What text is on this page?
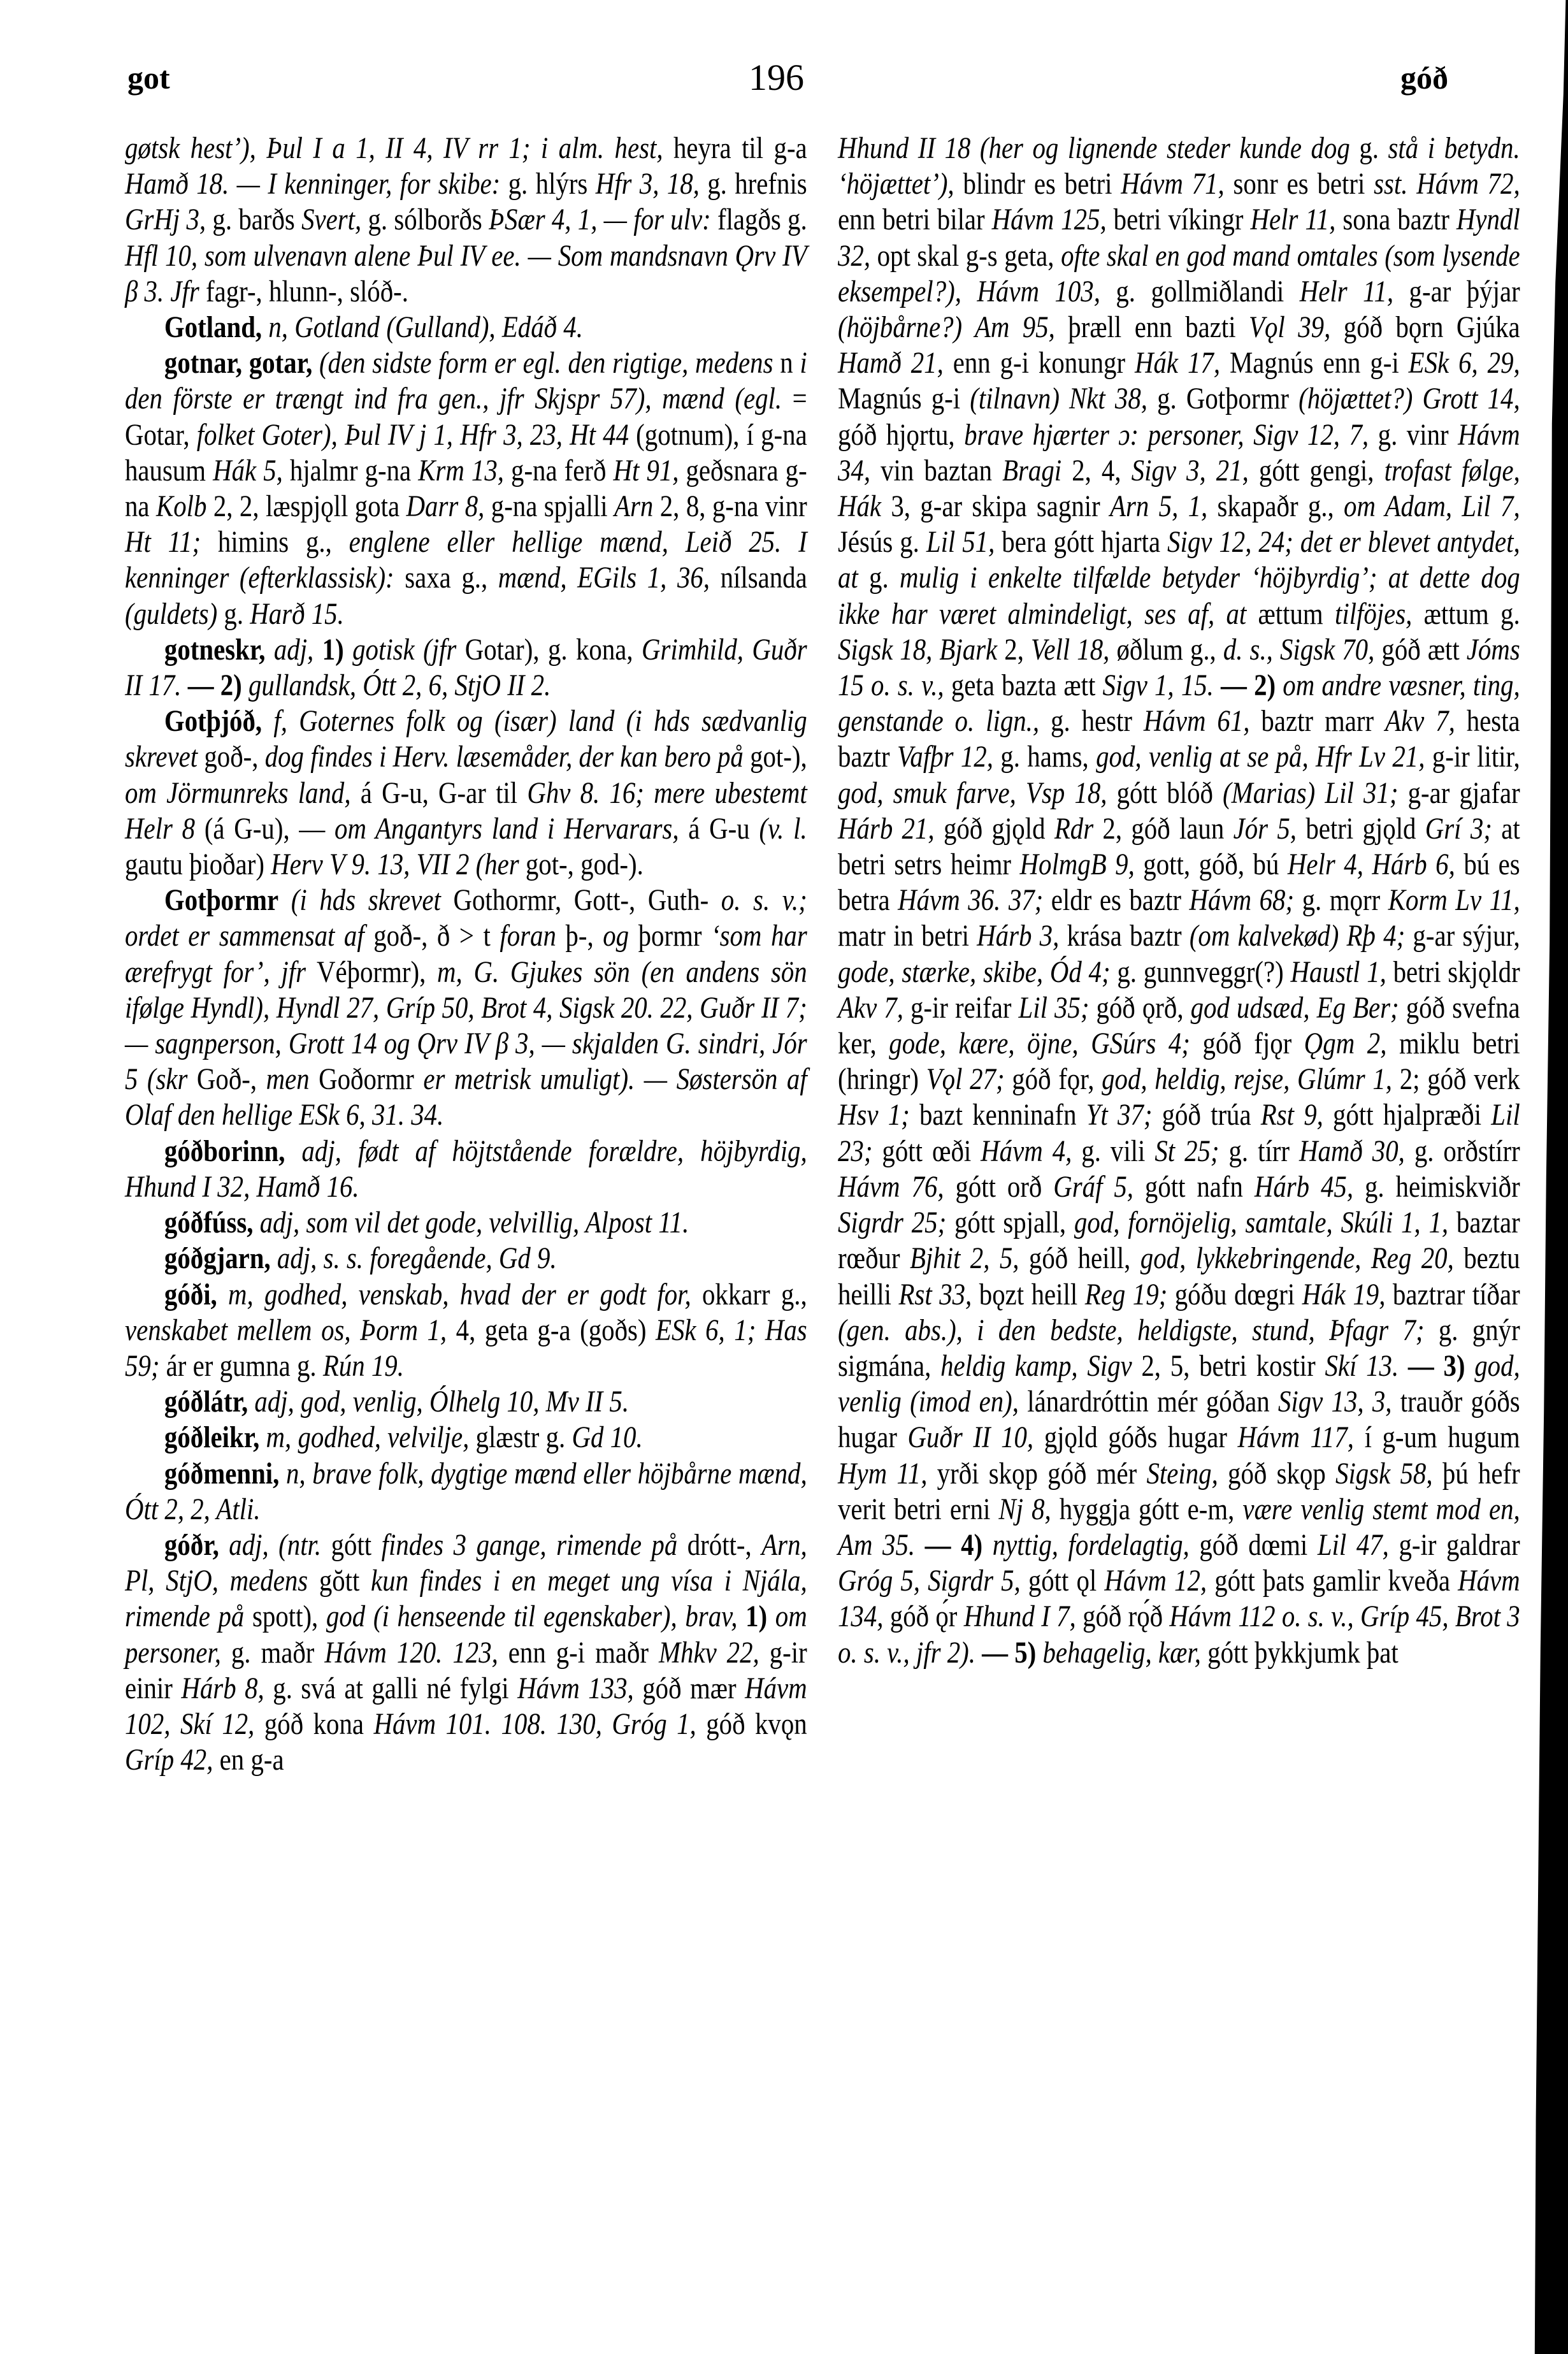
got	196	góð

gøtsk hest’), Þul I a 1, II 4, IV rr 1; i alm. hest, heyra til g-a Hamð 18. — I kenninger, for skibe: g. hlýrs Hfr 3, 18, g. hrefnis GrHj 3, g. barðs Svert, g. sólborðs ÞSær 4, 1, — for ulv: flagðs g. Hfl 10, som ulvenavn alene Þul IV ee. — Som mandsnavn Ǫrv IV β 3. Jfr fagr-, hlunn-, slóð-.

Gotland, n, Gotland (Gulland), Edáð 4.

gotnar, gotar, (den sidste form er egl. den rigtige, medens n i den förste er trængt ind fra gen., jfr Skjspr 57), mænd (egl. = Gotar, folket Goter), Þul IV j 1, Hfr 3, 23, Ht 44 (gotnum), í g-na hausum Hák 5, hjalmr g-na Krm 13, g-na ferð Ht 91, geðsnara g-na Kolb 2, 2, læspjǫll gota Darr 8, g-na spjalli Arn 2, 8, g-na vinr Ht 11; himins g., englene eller hellige mænd, Leið 25. I kenninger (efterklassisk): saxa g., mænd, EGils 1, 36, nílsanda (guldets) g. Harð 15.

gotneskr, adj, 1) gotisk (jfr Gotar), g. kona, Grimhild, Guðr II 17. — 2) gullandsk, Ótt 2, 6, StjO II 2.

Gotþjóð, f, Goternes folk og (især) land (i hds sædvanlig skrevet goð-, dog findes i Herv. læsemåder, der kan bero på got-), om Jörmunreks land, á G-u, G-ar til Ghv 8. 16; mere ubestemt Helr 8 (á G-u), — om Angantyrs land i Hervarars, á G-u (v. l. gautu þioðar) Herv V 9. 13, VII 2 (her got-, god-).

Gotþormr (i hds skrevet Gothormr, Gott-, Guth- o. s. v.; ordet er sammensat af goð-, ð > t foran þ-, og þormr ‘som har ærefrygt for’, jfr Véþormr), m, G. Gjukes sön (en andens sön ifølge Hyndl), Hyndl 27, Gríp 50, Brot 4, Sigsk 20. 22, Guðr II 7; — sagnperson, Grott 14 og Ǫrv IV β 3, — skjalden G. sindri, Jór 5 (skr Goð-, men Goðormr er metrisk umuligt). — Søstersön af Olaf den hellige ESk 6, 31. 34.

góðborinn, adj, født af höjtstående forældre, höjbyrdig, Hhund I 32, Hamð 16.

góðfúss, adj, som vil det gode, velvillig, Alpost 11.

góðgjarn, adj, s. s. foregående, Gd 9.

góði, m, godhed, venskab, hvad der er godt for, okkarr g., venskabet mellem os, Þorm 1, 4, geta g-a (goðs) ESk 6, 1; Has 59; ár er gumna g. Rún 19.

góðlátr, adj, god, venlig, Ólhelg 10, Mv II 5.

góðleikr, m, godhed, velvilje, glæstr g. Gd 10.

góðmenni, n, brave folk, dygtige mænd eller höjbårne mænd, Ótt 2, 2, Atli.

góðr, adj, (ntr. gótt findes 3 gange, rimende på drótt-, Arn, Pl, StjO, medens gŏtt kun findes i en meget ung vísa i Njála, rimende på spott), god (i henseende til egenskaber), brav, 1) om personer, g. maðr Hávm 120. 123, enn g-i maðr Mhkv 22, g-ir einir Hárb 8, g. svá at galli né fylgi Hávm 133, góð mær Hávm 102, Skí 12, góð kona Hávm 101. 108. 130, Gróg 1, góð kvǫn Gríp 42, en g-a

Hhund II 18 (her og lignende steder kunde dog g. stå i betydn. ‘höjættet’), blindr es betri Hávm 71, sonr es betri sst. Hávm 72, enn betri bilar Hávm 125, betri víkingr Helr 11, sona baztr Hyndl 32, opt skal g-s geta, ofte skal en god mand omtales (som lysende eksempel?), Hávm 103, g. gollmiðlandi Helr 11, g-ar þýjar (höjbårne?) Am 95, þræll enn bazti Vǫl 39, góð bǫrn Gjúka Hamð 21, enn g-i konungr Hák 17, Magnús enn g-i ESk 6, 29, Magnús g-i (tilnavn) Nkt 38, g. Gotþormr (höjættet?) Grott 14, góð hjǫrtu, brave hjærter ɔ: personer, Sigv 12, 7, g. vinr Hávm 34, vin baztan Bragi 2, 4, Sigv 3, 21, gótt gengi, trofast følge, Hák 3, g-ar skipa sagnir Arn 5, 1, skapaðr g., om Adam, Lil 7, Jésús g. Lil 51, bera gótt hjarta Sigv 12, 24; det er blevet antydet, at g. mulig i enkelte tilfælde betyder ‘höjbyrdig’; at dette dog ikke har været almindeligt, ses af, at ættum tilföjes, ættum g. Sigsk 18, Bjark 2, Vell 18, øðlum g., d. s., Sigsk 70, góð ætt Jóms 15 o. s. v., geta bazta ætt Sigv 1, 15. — 2) om andre væsner, ting, genstande o. lign., g. hestr Hávm 61, baztr marr Akv 7, hesta baztr Vafþr 12, g. hams, god, venlig at se på, Hfr Lv 21, g-ir litir, god, smuk farve, Vsp 18, gótt blóð (Marias) Lil 31; g-ar gjafar Hárb 21, góð gjǫld Rdr 2, góð laun Jór 5, betri gjǫld Grí 3; at betri setrs heimr HolmgB 9, gott, góð, bú Helr 4, Hárb 6, bú es betra Hávm 36. 37; eldr es baztr Hávm 68; g. mǫrr Korm Lv 11, matr in betri Hárb 3, krása baztr (om kalvekød) Rþ 4; g-ar sýjur, gode, stærke, skibe, Ód 4; g. gunnveggr(?) Haustl 1, betri skjǫldr Akv 7, g-ir reifar Lil 35; góð ǫrð, god udsæd, Eg Ber; góð svefna ker, gode, kære, öjne, GSúrs 4; góð fjǫr Ǫgm 2, miklu betri (hringr) Vǫl 27; góð fǫr, god, heldig, rejse, Glúmr 1, 2; góð verk Hsv 1; bazt kenninafn Yt 37; góð trúa Rst 9, gótt hjalpræði Lil 23; gótt œði Hávm 4, g. vili St 25; g. tírr Hamð 30, g. orðstírr Hávm 76, gótt orð Gráf 5, gótt nafn Hárb 45, g. heimiskviðr Sigrdr 25; gótt spjall, god, fornöjelig, samtale, Skúli 1, 1, baztar rœður Bjhit 2, 5, góð heill, god, lykkebringende, Reg 20, beztu heilli Rst 33, bǫzt heill Reg 19; góðu dœgri Hák 19, baztrar tíðar (gen. abs.), i den bedste, heldigste, stund, Þfagr 7; g. gnýr sigmána, heldig kamp, Sigv 2, 5, betri kostir Skí 13. — 3) god, venlig (imod en), lánardróttin mér góðan Sigv 13, 3, trauðr góðs hugar Guðr II 10, gjǫld góðs hugar Hávm 117, í g-um hugum Hym 11, yrði skǫp góð mér Steing, góð skǫp Sigsk 58, þú hefr verit betri erni Nj 8, hyggja gótt e-m, være venlig stemt mod en, Am 35. — 4) nyttig, fordelagtig, góð dœmi Lil 47, g-ir galdrar Gróg 5, Sigrdr 5, gótt ǫl Hávm 12, gótt þats gamlir kveða Hávm 134, góð ǫ́r Hhund I 7, góð rǫ́ð Hávm 112 o. s. v., Gríp 45, Brot 3 o. s. v., jfr 2). — 5) behagelig, kær, gótt þykkjumk þat
